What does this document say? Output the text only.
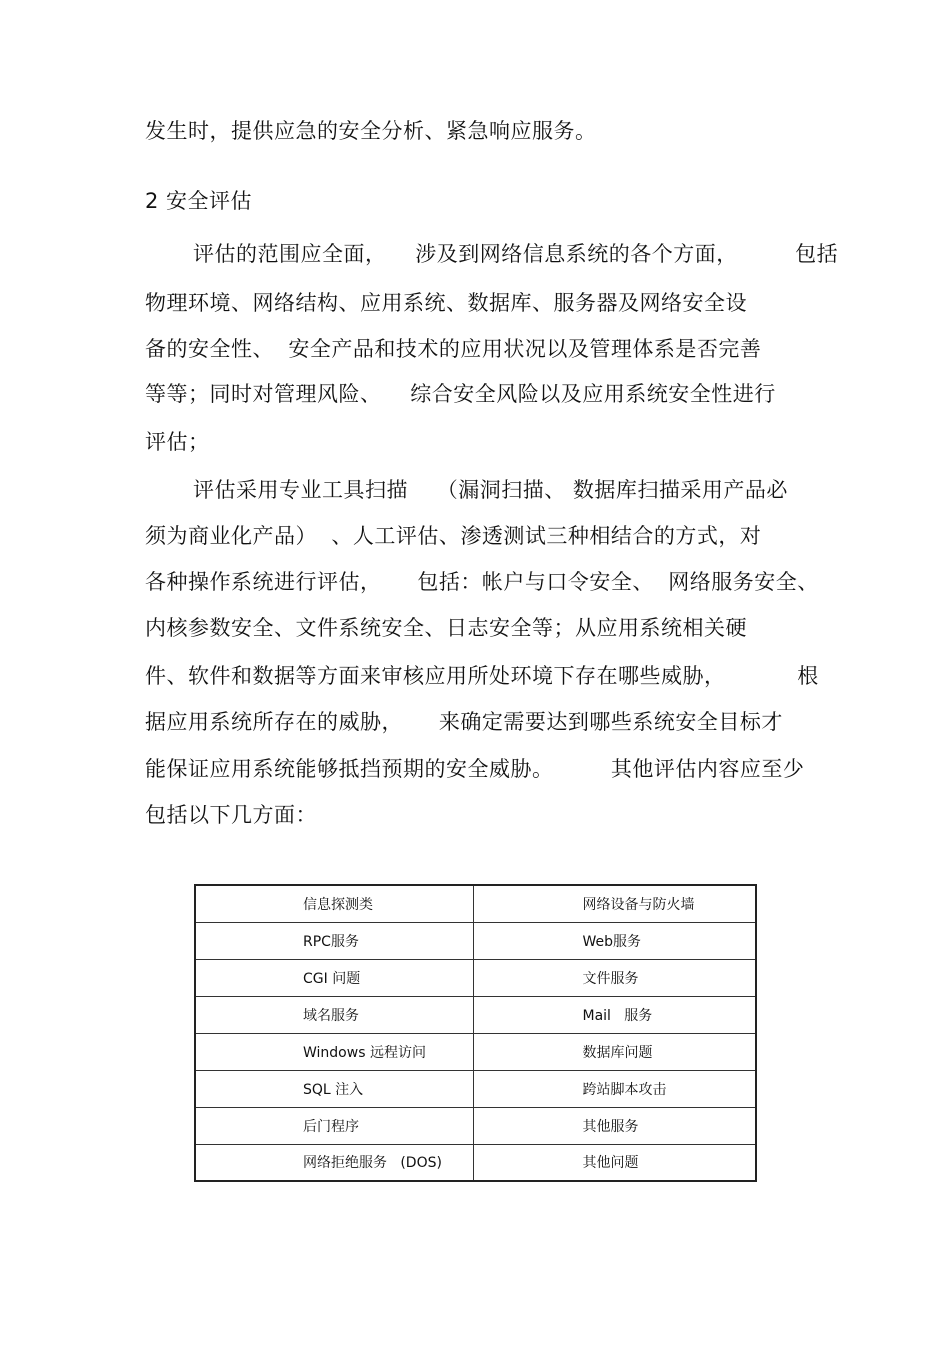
发生时，提供应急的安全分析、紧急响应服务。
2 安全评估
评估的范围应全面，    涉及到网络信息系统的各个方面，        包括
物理环境、网络结构、应用系统、数据库、服务器及网络安全设
备的安全性、  安全产品和技术的应用状况以及管理体系是否完善
等等；同时对管理风险、    综合安全风险以及应用系统安全性进行
评估；
评估采用专业工具扫描    （漏洞扫描、 数据库扫描采用产品必
须为商业化产品）  、人工评估、渗透测试三种相结合的方式，对
各种操作系统进行评估，     包括：帐户与口令安全、  网络服务安全、
内核参数安全、文件系统安全、日志安全等；从应用系统相关硬
件、软件和数据等方面来审核应用所处环境下存在哪些威胁，          根
据应用系统所存在的威胁，     来确定需要达到哪些系统安全目标才
能保证应用系统能够抵挡预期的安全威胁。        其他评估内容应至少
包括以下几方面：
信息探测类	网络设备与防火墙
RPC服务	Web服务
CGI 问题	文件服务
域名服务	Mail   服务
Windows 远程访问	数据库问题
SQL 注入	跨站脚本攻击
后门程序	其他服务
网络拒绝服务   (DOS)	其他问题
